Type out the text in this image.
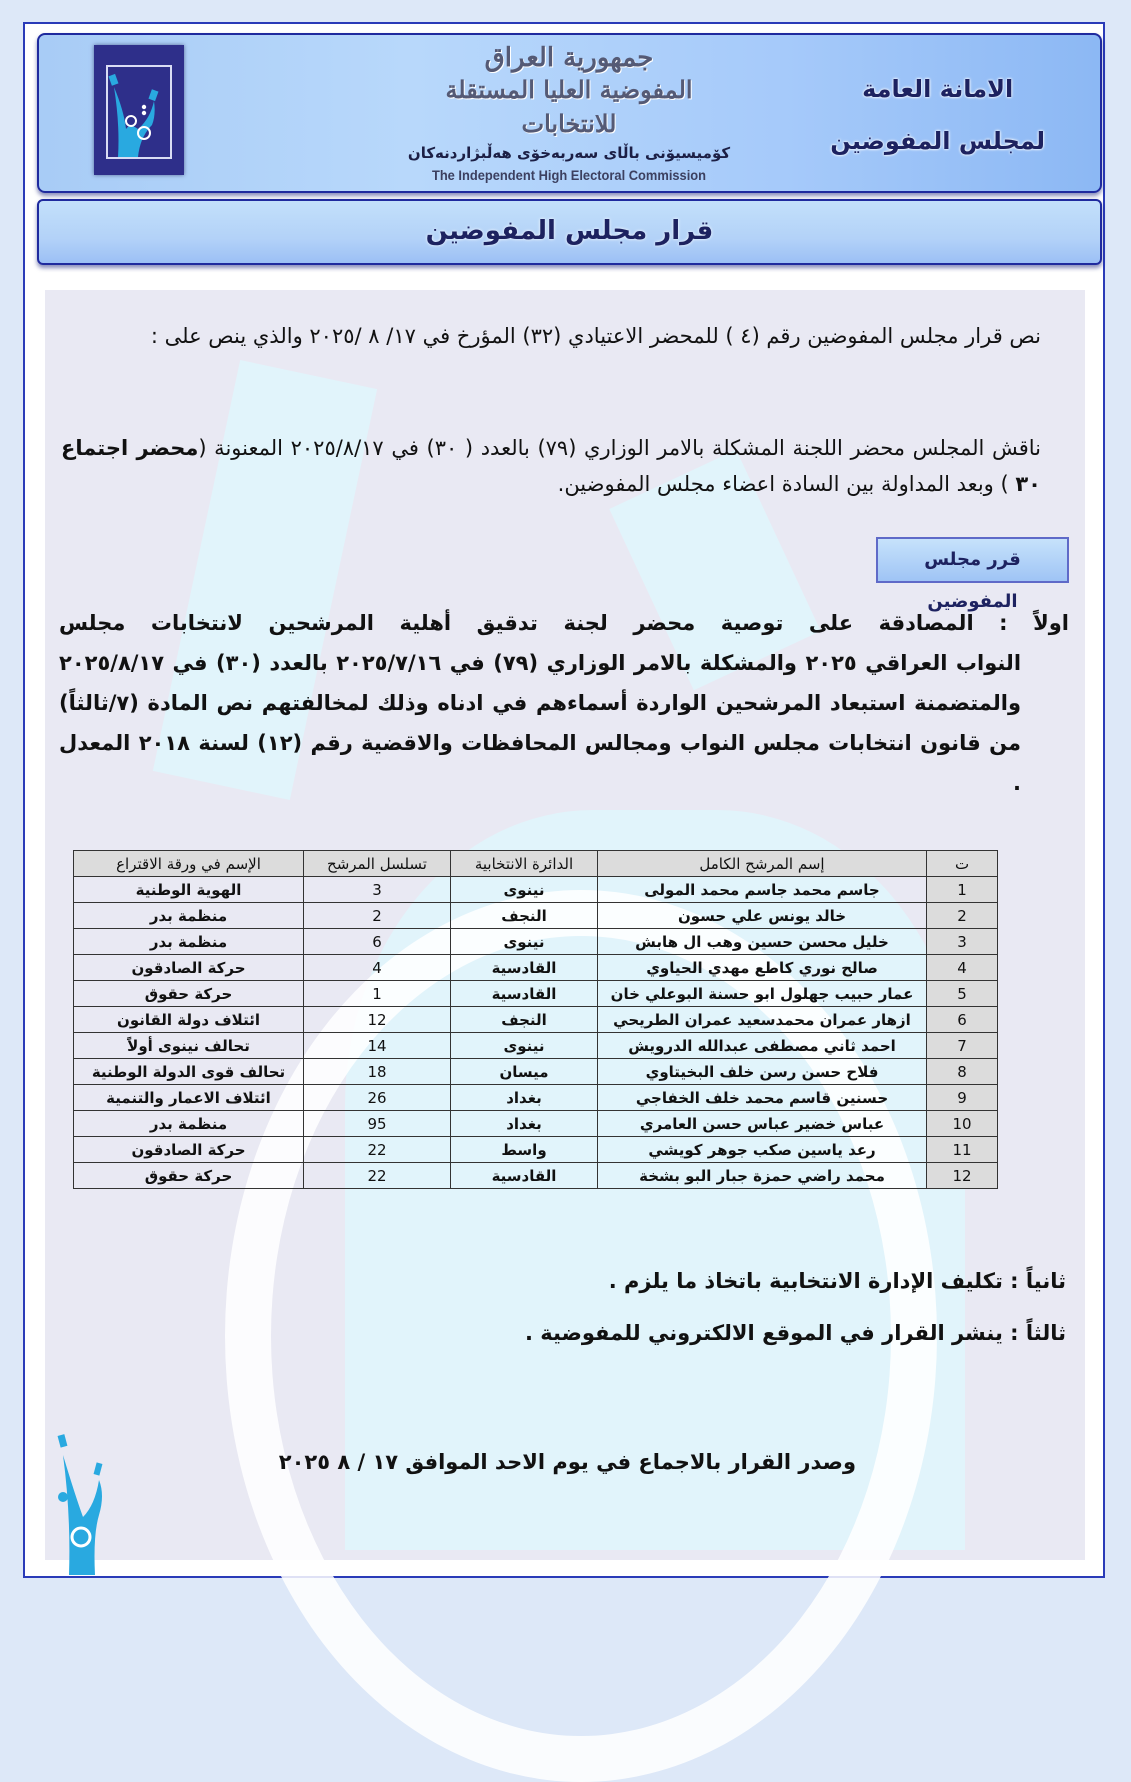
جمهورية العراق
المفوضية العليا المستقلة للانتخابات
كۆمیسیۆنی باڵای سەربەخۆی هەڵبژاردنەکان
The Independent High Electoral Commission
الامانة العامة
لمجلس المفوضين
قرار مجلس المفوضين
نص قرار مجلس المفوضين رقم (٤ ) للمحضر الاعتيادي (٣٢) المؤرخ في ١٧/ ٨ /٢٠٢٥ والذي ينص على :
ناقش المجلس محضر اللجنة المشكلة بالامر الوزاري (٧٩) بالعدد ( ٣٠) في ٢٠٢٥/٨/١٧ المعنونة (محضر اجتماع ٣٠ ) وبعد المداولة بين السادة اعضاء مجلس المفوضين.
قرر مجلس المفوضين
اولاً : المصادقة على توصية محضر لجنة تدقيق أهلية المرشحين لانتخابات مجلس
النواب العراقي ٢٠٢٥ والمشكلة بالامر الوزاري (٧٩) في ٢٠٢٥/٧/١٦ بالعدد (٣٠) في ٢٠٢٥/٨/١٧ والمتضمنة استبعاد المرشحين الواردة أسماءهم في ادناه وذلك لمخالفتهم نص المادة (٧/ثالثاً) من قانون انتخابات مجلس النواب ومجالس المحافظات والاقضية رقم (١٢) لسنة ٢٠١٨ المعدل .
ت	إسم المرشح الكامل	الدائرة الانتخابية	تسلسل المرشح	الإسم في ورقة الاقتراع
1	جاسم محمد جاسم محمد المولى	نينوى	3	الهوية الوطنية
2	خالد يونس علي حسون	النجف	2	منظمة بدر
3	خليل محسن حسين وهب ال هابش	نينوى	6	منظمة بدر
4	صالح نوري كاطع مهدي الحياوي	القادسية	4	حركة الصادقون
5	عمار حبيب جهلول ابو حسنة البوعلي خان	القادسية	1	حركة حقوق
6	ازهار عمران محمدسعيد عمران الطريحي	النجف	12	ائتلاف دولة القانون
7	احمد ثاني مصطفى عبدالله الدرويش	نينوى	14	تحالف نينوى أولاً
8	فلاح حسن رسن خلف البخيتاوي	ميسان	18	تحالف قوى الدولة الوطنية
9	حسنين قاسم محمد خلف الخفاجي	بغداد	26	ائتلاف الاعمار والتنمية
10	عباس خضير عباس حسن العامري	بغداد	95	منظمة بدر
11	رعد ياسين صكب جوهر كويشي	واسط	22	حركة الصادقون
12	محمد راضي حمزة جبار البو بشخة	القادسية	22	حركة حقوق
ثانياً : تكليف الإدارة الانتخابية باتخاذ ما يلزم .
ثالثاً : ينشر القرار في الموقع الالكتروني للمفوضية .
وصدر القرار بالاجماع في يوم الاحد الموافق ١٧ / ٨ ٢٠٢٥
